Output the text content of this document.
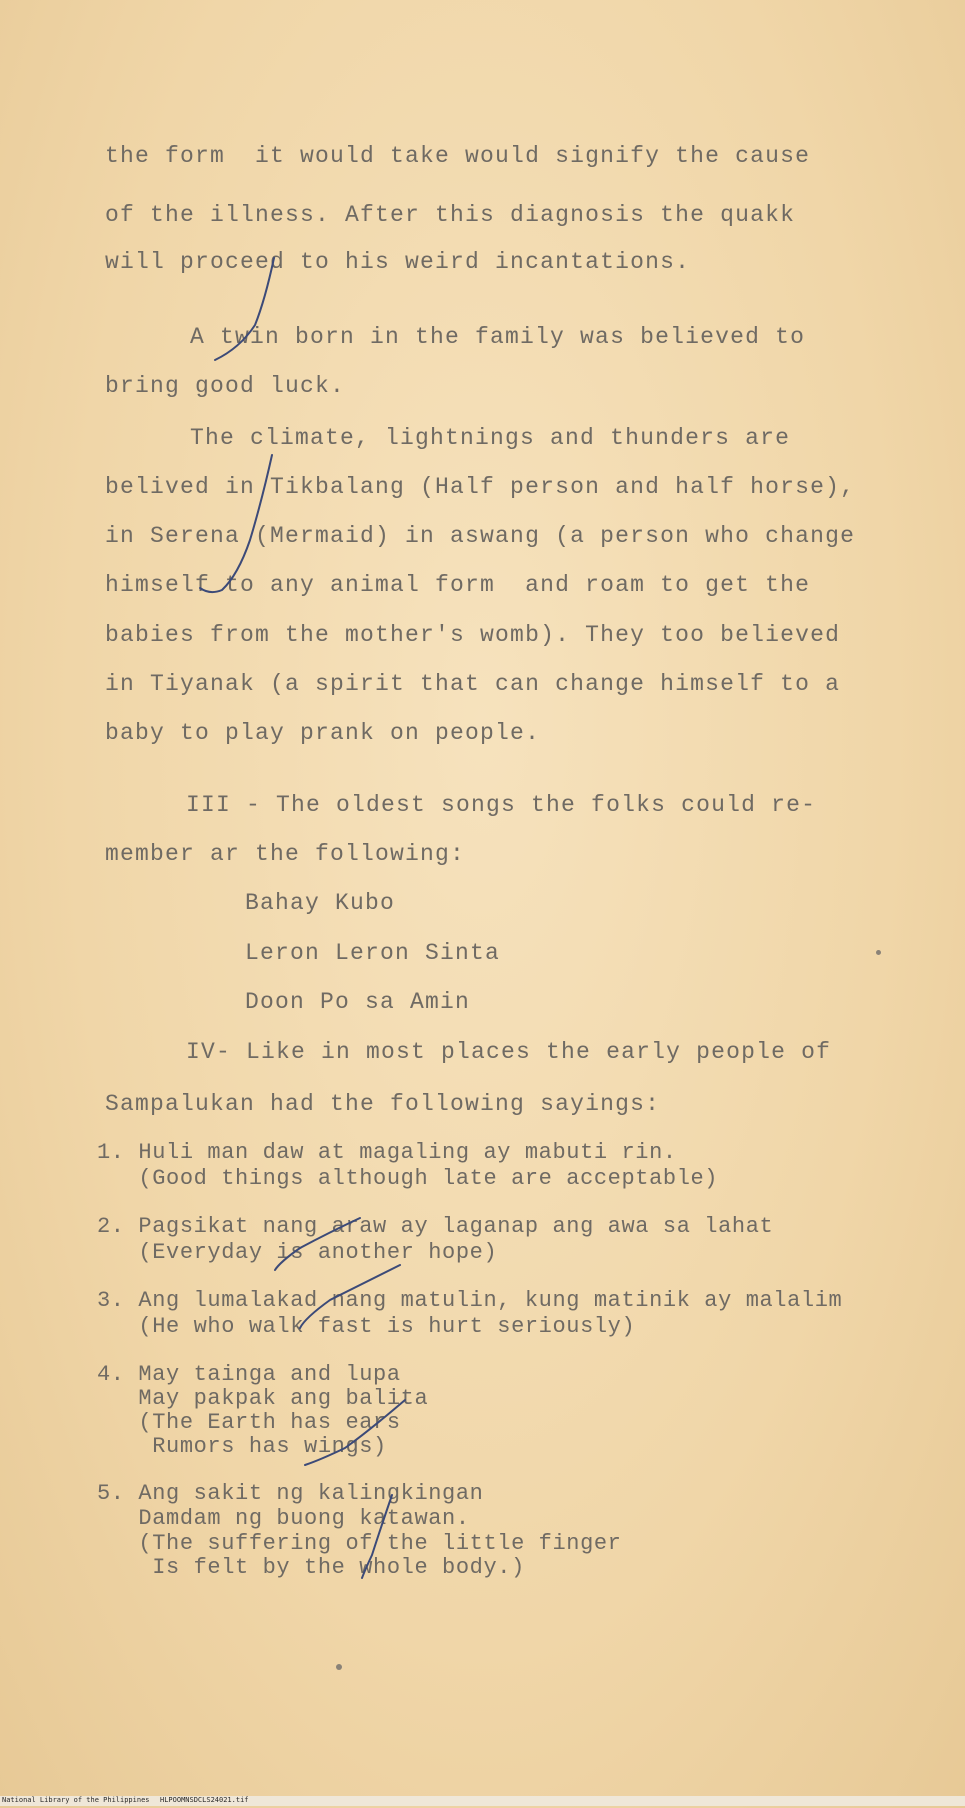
the form  it would take would signify the cause
of the illness. After this diagnosis the quakk
will proceed to his weird incantations.
A twin born in the family was believed to
bring good luck.
The climate, lightnings and thunders are
belived in Tikbalang (Half person and half horse),
in Serena (Mermaid) in aswang (a person who change
himself to any animal form  and roam to get the
babies from the mother's womb). They too believed
in Tiyanak (a spirit that can change himself to a
baby to play prank on people.
III - The oldest songs the folks could re-
member ar the following:
Bahay Kubo
Leron Leron Sinta
Doon Po sa Amin
IV- Like in most places the early people of
Sampalukan had the following sayings:
1. Huli man daw at magaling ay mabuti rin.
(Good things although late are acceptable)
2. Pagsikat nang araw ay laganap ang awa sa lahat
(Everyday is another hope)
3. Ang lumalakad nang matulin, kung matinik ay malalim
(He who walk fast is hurt seriously)
4. May tainga and lupa
May pakpak ang balita
(The Earth has ears
Rumors has wings)
5. Ang sakit ng kalingkingan
Damdam ng buong katawan.
(The suffering of the little finger
Is felt by the whole body.)
National Library of the Philippines HLPOOMNSDCLS24021.tif
